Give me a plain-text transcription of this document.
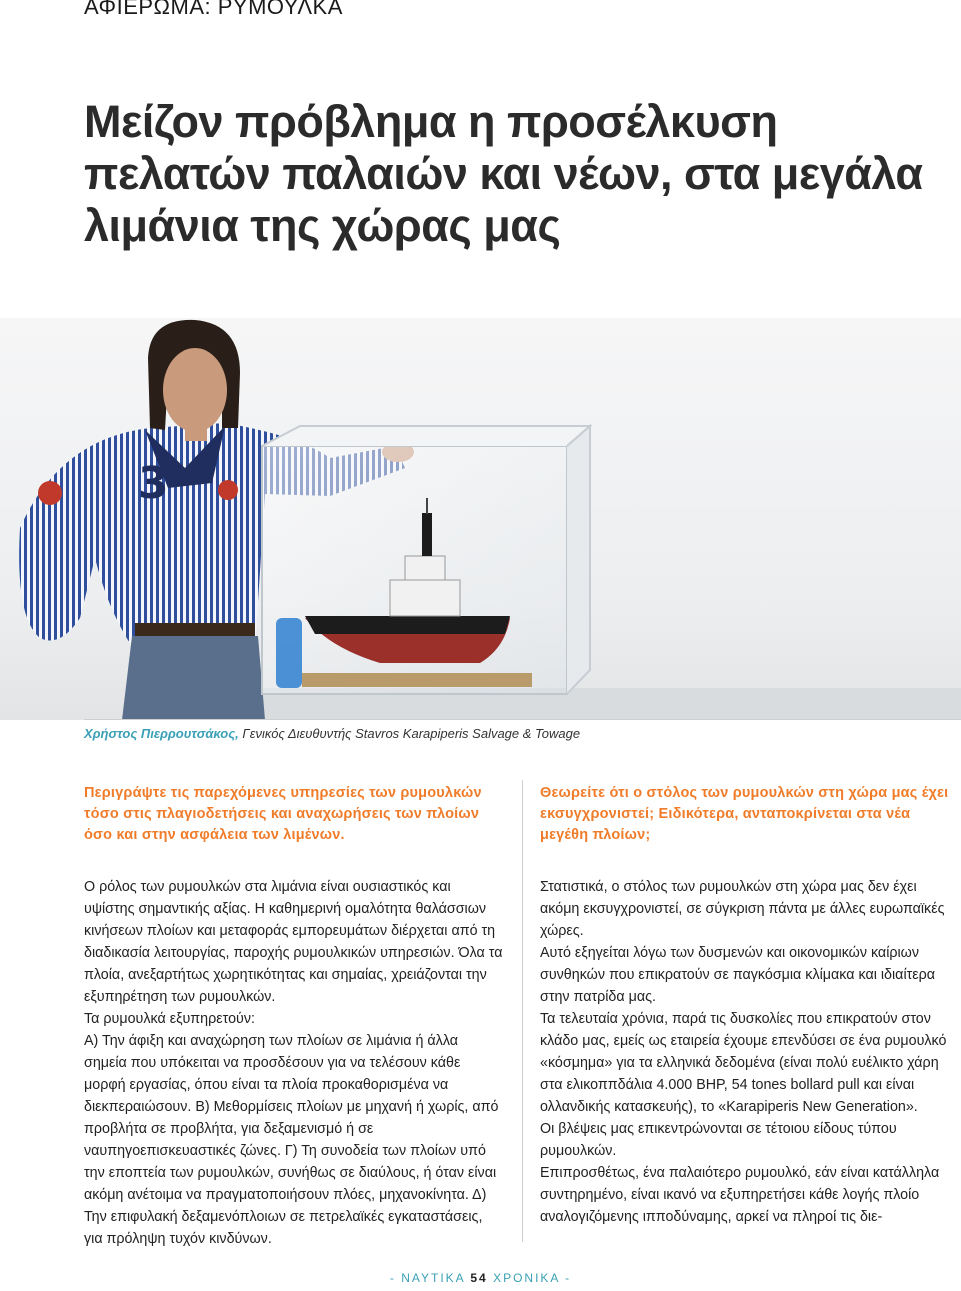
ΑΦΙΕΡΩΜΑ: ΡΥΜΟΥΛΚΑ
Μείζον πρόβλημα η προσέλκυση πελατών παλαιών και νέων, στα μεγάλα λιμάνια της χώρας μας
3

Χρήστος Πιερρουτσάκος, Γενικός Διευθυντής Stavros Karapiperis Salvage & Towage

Περιγράψτε τις παρεχόμενες υπηρεσίες των ρυμουλκών τόσο στις πλαγιοδετήσεις και αναχωρήσεις των πλοίων όσο και στην ασφάλεια των λιμένων.

Ο ρόλος των ρυμουλκών στα λιμάνια είναι ουσιαστικός και υψίστης σημαντικής αξίας. Η καθημερινή ομαλότητα θαλάσσιων κινήσεων πλοίων και μεταφοράς εμπορευμάτων διέρχεται από τη διαδικασία λειτουργίας, παροχής ρυμουλκικών υπηρεσιών. Όλα τα πλοία, ανεξαρτήτως χωρητικότητας και σημαίας, χρειάζονται την εξυπηρέτηση των ρυμουλκών.

Τα ρυμουλκά εξυπηρετούν:

Α) Την άφιξη και αναχώρηση των πλοίων σε λιμάνια ή άλλα σημεία που υπόκειται να προσδέσουν για να τελέσουν κάθε μορφή εργασίας, όπου είναι τα πλοία προκαθορισμένα να διεκπεραιώσουν. Β) Μεθορμίσεις πλοίων με μηχανή ή χωρίς, από προβλήτα σε προβλήτα, για δεξαμενισμό ή σε ναυπηγοεπισκευαστικές ζώνες. Γ) Τη συνοδεία των πλοίων υπό την εποπτεία των ρυμουλκών, συνήθως σε διαύλους, ή όταν είναι ακόμη ανέτοιμα να πραγματοποιήσουν πλόες, μηχανοκίνητα. Δ) Την επιφυλακή δεξαμενόπλοιων σε πετρελαϊκές εγκαταστάσεις, για πρόληψη τυχόν κινδύνων.

Θεωρείτε ότι ο στόλος των ρυμουλκών στη χώρα μας έχει εκσυγχρονιστεί; Ειδικότερα, ανταποκρίνεται στα νέα μεγέθη πλοίων;

Στατιστικά, ο στόλος των ρυμουλκών στη χώρα μας δεν έχει ακόμη εκσυγχρονιστεί, σε σύγκριση πάντα με άλλες ευρωπαϊκές χώρες.

Αυτό εξηγείται λόγω των δυσμενών και οικονομικών καίριων συνθηκών που επικρατούν σε παγκόσμια κλίμακα και ιδιαίτερα στην πατρίδα μας.

Τα τελευταία χρόνια, παρά τις δυσκολίες που επικρατούν στον κλάδο μας, εμείς ως εταιρεία έχουμε επενδύσει σε ένα ρυμουλκό «κόσμημα» για τα ελληνικά δεδομένα (είναι πολύ ευέλικτο χάρη στα ελικοππδάλια 4.000 BHP, 54 tones bollard pull και είναι ολλανδικής κατασκευής), το «Karapiperis New Generation».

Οι βλέψεις μας επικεντρώνονται σε τέτοιου είδους τύπου ρυμουλκών.

Επιπροσθέτως, ένα παλαιότερο ρυμουλκό, εάν είναι κατάλληλα συντηρημένο, είναι ικανό να εξυπηρετήσει κάθε λογής πλοίο αναλογιζόμενης ιπποδύναμης, αρκεί να πληροί τις διε-

- ΝΑΥΤΙΚΑ 54 ΧΡΟΝΙΚΑ -
